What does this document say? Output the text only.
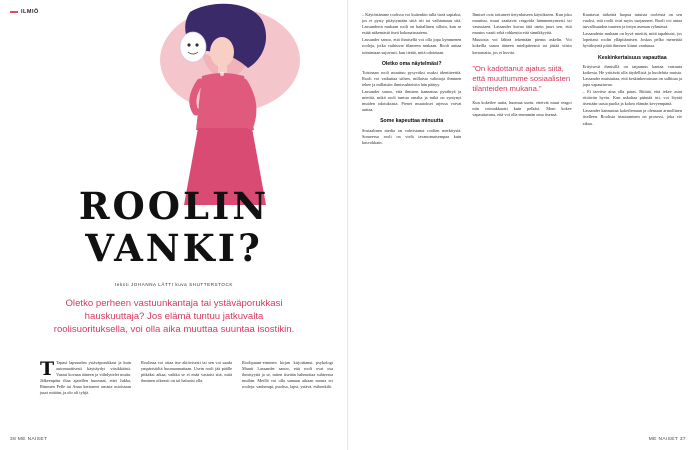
ILMIÖ
ROOLIN
VANKI?
teksti JOHANNA LÄTTI kuva SHUTTERSTOCK
Oletko perheen vastuunkantaja tai ystäväporukkasi hauskuuttaja? Jos elämä tuntuu jatkuvalta roolisuorituksella, voi olla aika muuttaa suuntaa isostikin.
T Tapasi lapsuuden ystäväporukkasi ja kuin automaattisesti käyttäydyt vitsikkäästi. Vaarat kovaan ääneen ja viihdyttelet muita. Jälkeenpäin iltaa ajatellen huomaat, ettei Jukka, Rimmen Pelle tai Anna kertoneet omista asioistaan juuri mitään, ja olo oli tyhjä.
Roolinsa voi ottaa itse aktiivisesti tai sen voi saada ympäristöltä huomaamattaan. Usein rooli jää päälle pitkäksi aikaa, vaikka se ei enää vastaisi sitä, mitä ihminen oikeasti on tai haluaisi olla.
Roolipuuni-eiminen kirjan kirjoittanut psykologi Maarit Lassander sanoo, että rooli ovat osa ihmisyyttä ja se, miten itseään hahmottaa suhteessa muihin. Meillä voi olla samaan aikaan monia eri rooleja: vanhempi, puoliso, lapsi, ystävä, esihenkilö.
38 ME NAISET

– Käytöstämme roolissa voi kuitenkin tulla itseä sapiaksi, jos ei pysty pitäytymään siitä irti tai vaihtamaan sitä. Lassanderin mukaan rooli on haitallinen silloin, kun se estää näkemästä itseä kokonaisuutena.

Lassander sanoo, että ihmisellä voi olla jopa kymmenen rooleja, jotka vaihtuvat tilanteen mukaan. Rooli auttaa toimimaan sujuvasti, kun tietää, mitä odotetaan.

Oletko oma näytelmäsi?

Toisinaan rooli muuttuu pysyväksi osaksi identiteettiä. Rooli voi vaikuttaa siihen, millaisia valintoja ihminen tekee ja millaisiin ihmissuhteisiin hän päätyy.

Lassander sanoo, että ihmisen kannattaa pysähtyä ja miettiä, mikä rooli tuntuu omalta ja mikä on syntynyt muiden odotuksista. Pienet muutokset arjessa voivat auttaa.

Some kapeuttaa minuutta

Sosiaalinen media on vahvistanut roolien merkitystä. Someessa rooli on vielä tavanomaisempaa kuin kasvokkain.

Ihmiset ovat tottuneet tietynlaiseen käytökseen. Kun joku muuttuu, muut saattavat reagoida hämmentyneesti tai vastustaen. Lassander kuvaa tätä usein juuri sen, että muutos vaatii sekä rohkeutta että sinnikkyyttä.

Muutosta voi lähteä tekemään pienin askelin. Voi kokeilla sanoa ääneen mielipiteensä tai jättää vitsin kertomatta, jos ei huvita.

”On kadottanut ajatus siitä, että muuttumme sosiaalisten tilanteiden mukana.”

Kun kokeilee uutta, huomaa usein, etteivät muut reagoi niin voimakkaasti kuin pelkäsi. Moni kokee vapauttavana, että voi olla enemmän oma itsensä.

Kauttavat tärkeätä luopua tutuista rooleista on sen vuoksi, että roolit ovat myös suojanneet. Rooli voi antaa turvallisuuden tunteen ja tietyn aseman ryhmässä.

Lassanderin mukaan on hyvä miettiä, mitä tapahtuisi, jos lopettaisi roolin ylläpitämisen. Joskus pelko menettää hyväksyntä pitää ihmisen kiinni vanhassa.

Keskinkertaisuus vapauttaa

Erityisesti ihmisillä on taipumus kantaa vastuuta kaikesta. He yrittävät olla täydellisiä ja huolehtia muista. Lassander muistuttaa, että keskinkertaisuus on sallittua ja jopa vapauttavaa.

– Ei tarvitse aina olla paras. Riittää, että tekee asiat riittävän hyvin. Kun uskaltaa päästää irti, voi löytää itsestään uusia puolia ja kokea elämän kevyempänä.

Lassander kannustaa kokeilemaan ja olemaan armollinen itselleen. Roolista irtautuminen on prosessi, joka vie aikaa.

ME NAISET 37
